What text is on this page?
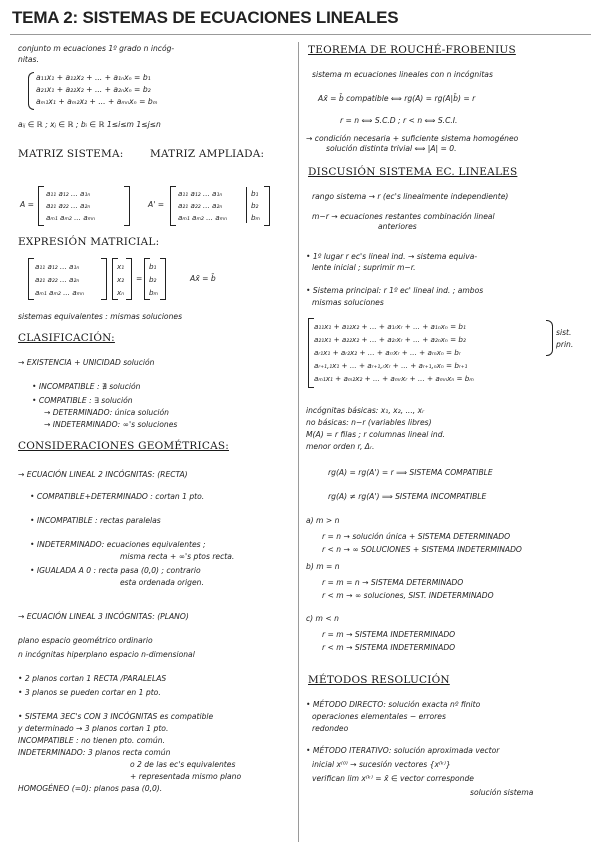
TEMA 2: SISTEMAS DE ECUACIONES LINEALES
conjunto m ecuaciones 1º grado n incóg-
nitas.
a₁₁x₁ + a₁₂x₂ + ... + a₁ₙxₙ = b₁
a₂₁x₁ + a₂₂x₂ + ... + a₂ₙxₙ = b₂
aₘ₁x₁ + aₘ₂x₂ + ... + aₘₙxₙ = bₘ
aᵢⱼ ∈ ℝ ; xⱼ ∈ ℝ ; bᵢ ∈ ℝ 1≤i≤m 1≤j≤n
MATRIZ SISTEMA:	MATRIZ AMPLIADA:
A =
a₁₁ a₁₂ ... a₁ₙ
a₂₁ a₂₂ ... a₂ₙ
aₘ₁ aₘ₂ ... aₘₙ
A' =
a₁₁ a₁₂ ... a₁ₙ
a₂₁ a₂₂ ... a₂ₙ
aₘ₁ aₘ₂ ... aₘₙ
b₁
b₂
bₘ
EXPRESIÓN MATRICIAL:
a₁₁ a₁₂ ... a₁ₙ
a₂₁ a₂₂ ... a₂ₙ
aₘ₁ aₘ₂ ... aₘₙ
x₁
x₂
xₙ
=
b₁
b₂
bₘ
Ax̄ = b̄
sistemas equivalentes : mismas soluciones
CLASIFICACIÓN:
→ EXISTENCIA + UNICIDAD solución
• INCOMPATIBLE : ∄ solución
• COMPATIBLE : ∃ solución
→ DETERMINADO: única solución
→ INDETERMINADO: ∞'s soluciones
CONSIDERACIONES GEOMÉTRICAS:
→ ECUACIÓN LINEAL 2 INCÓGNITAS: (RECTA)
• COMPATIBLE+DETERMINADO : cortan 1 pto.
• INCOMPATIBLE : rectas paralelas
• INDETERMINADO: ecuaciones equivalentes ;
misma recta + ∞'s ptos recta.
• IGUALADA A 0 : recta pasa (0,0) ; contrario
esta ordenada origen.
→ ECUACIÓN LINEAL 3 INCÓGNITAS: (PLANO)
plano espacio geométrico ordinario
n incógnitas hiperplano espacio n-dimensional
• 2 planos cortan 1 RECTA /PARALELAS
• 3 planos se pueden cortar en 1 pto.
• SISTEMA 3EC's CON 3 INCÓGNITAS es compatible
y determinado → 3 planos cortan 1 pto.
INCOMPATIBLE : no tienen pto. común.
INDETERMINADO: 3 planos recta común
o 2 de las ec's equivalentes
+ representada mismo plano
HOMOGÉNEO (=0): planos pasa (0,0).
TEOREMA DE ROUCHÉ-FROBENIUS
sistema m ecuaciones lineales con n incógnitas
Ax̄ = b̄ compatible ⟺ rg(A) = rg(A|b̄) = r
r = n ⟺ S.C.D ; r < n ⟺ S.C.I.
→ condición necesaria + suficiente sistema homogéneo
solución distinta trivial ⟺ |A| = 0.
DISCUSIÓN SISTEMA EC. LINEALES
rango sistema → r (ec's linealmente independiente)
m−r → ecuaciones restantes combinación lineal
anteriores
• 1º lugar r ec's lineal ind. → sistema equiva-
lente inicial ; suprimir m−r.
• Sistema principal: r 1º ec' lineal ind. ; ambos
mismas soluciones
a₁₁x₁ + a₁₂x₂ + ... + a₁ᵣxᵣ + ... + a₁ₙxₙ = b₁
a₂₁x₁ + a₂₂x₂ + ... + a₂ᵣxᵣ + ... + a₂ₙxₙ = b₂
aᵣ₁x₁ + aᵣ₂x₂ + ... + aᵣᵣxᵣ + ... + aᵣₙxₙ = bᵣ
aᵣ₊₁,₁x₁ + ... + aᵣ₊₁,ᵣxᵣ + ... + aᵣ₊₁,ₙxₙ = bᵣ₊₁
aₘ₁x₁ + aₘ₂x₂ + ... + aₘᵣxᵣ + ... + aₘₙxₙ = bₘ
sist.
prin.
incógnitas básicas: x₁, x₂, ..., xᵣ
no básicas: n−r (variables libres)
M(A) = r filas ; r columnas lineal ind.
menor orden r, Δᵣ.
rg(A) = rg(A') = r ⟹ SISTEMA COMPATIBLE
rg(A) ≠ rg(A') ⟹ SISTEMA INCOMPATIBLE
a) m > n
r = n → solución única + SISTEMA DETERMINADO
r < n → ∞ SOLUCIONES + SISTEMA INDETERMINADO
b) m = n
r = m = n → SISTEMA DETERMINADO
r < m → ∞ soluciones, SIST. INDETERMINADO
c) m < n
r = m → SISTEMA INDETERMINADO
r < m → SISTEMA INDETERMINADO
MÉTODOS RESOLUCIÓN
• MÉTODO DIRECTO: solución exacta nº finito
operaciones elementales − errores
redondeo
• MÉTODO ITERATIVO: solución aproximada vector
inicial x⁽⁰⁾ → sucesión vectores {x⁽ᵏ⁾}
verifican lim x⁽ᵏ⁾ = x̄ ∈ vector corresponde
solución sistema
